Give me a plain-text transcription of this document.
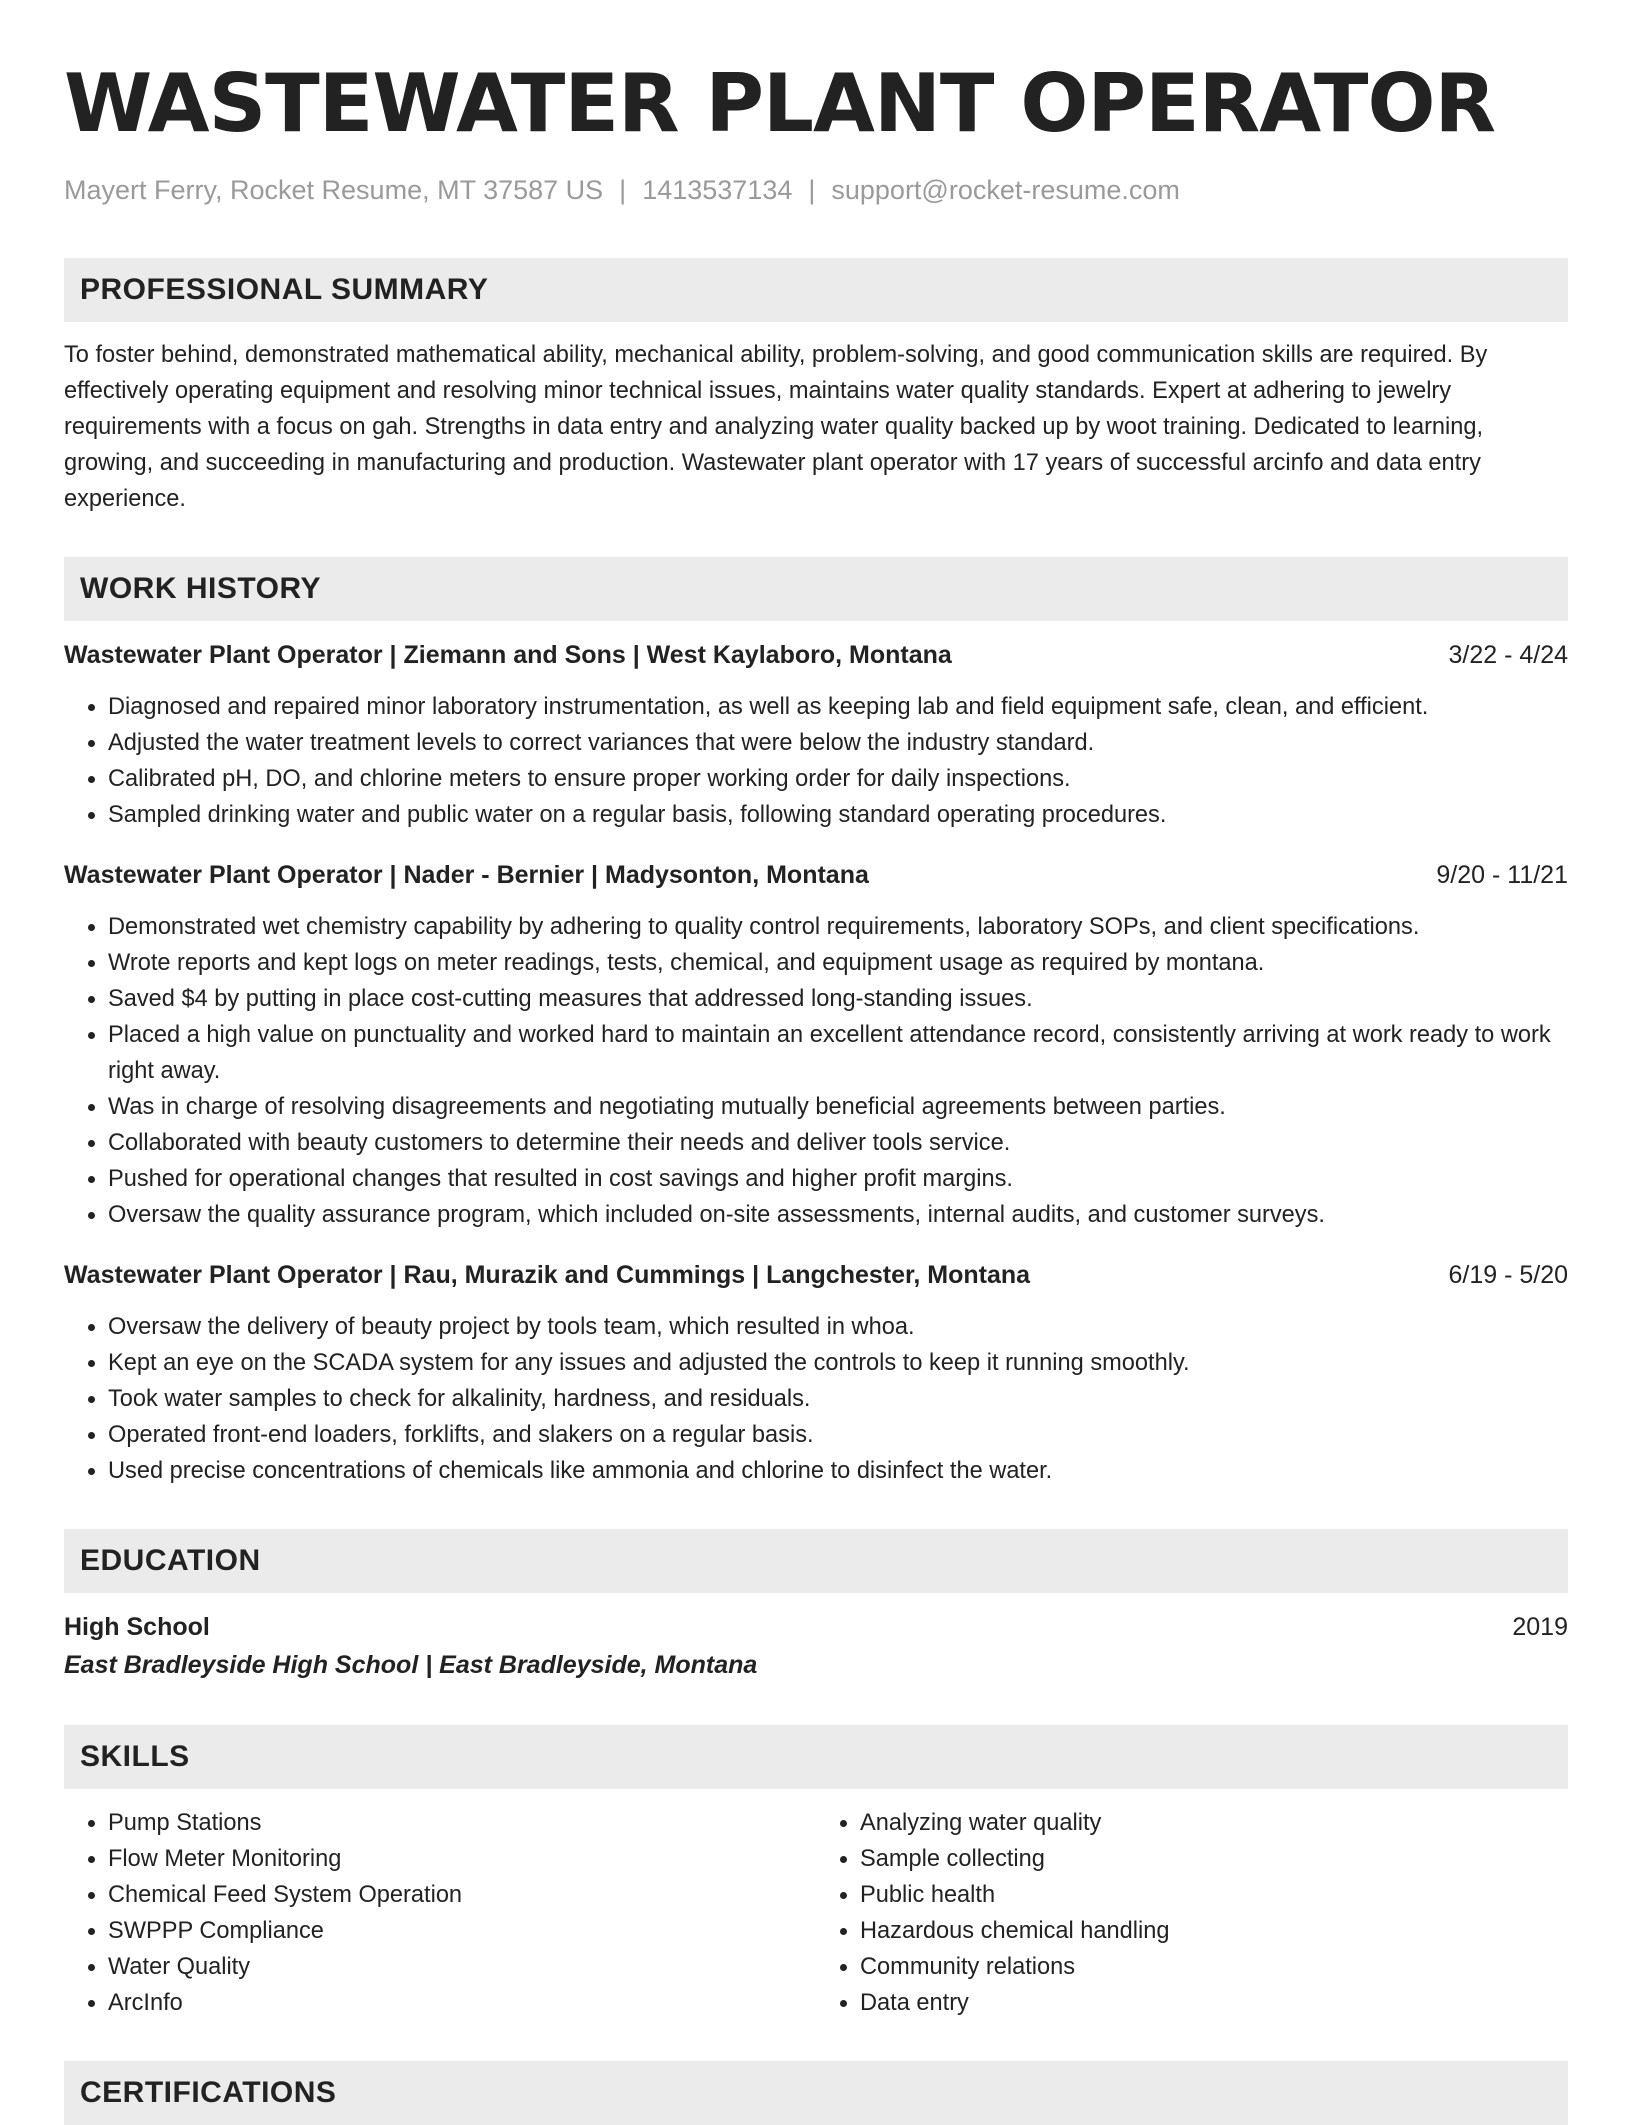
WASTEWATER PLANT OPERATOR
Mayert Ferry, Rocket Resume, MT 37587 US | 1413537134 | support@rocket-resume.com
PROFESSIONAL SUMMARY
To foster behind, demonstrated mathematical ability, mechanical ability, problem-solving, and good communication skills are required. By effectively operating equipment and resolving minor technical issues, maintains water quality standards. Expert at adhering to jewelry requirements with a focus on gah. Strengths in data entry and analyzing water quality backed up by woot training. Dedicated to learning, growing, and succeeding in manufacturing and production. Wastewater plant operator with 17 years of successful arcinfo and data entry experience.
WORK HISTORY
Wastewater Plant Operator | Ziemann and Sons | West Kaylaboro, Montana	3/22 - 4/24
• Diagnosed and repaired minor laboratory instrumentation, as well as keeping lab and field equipment safe, clean, and efficient.
• Adjusted the water treatment levels to correct variances that were below the industry standard.
• Calibrated pH, DO, and chlorine meters to ensure proper working order for daily inspections.
• Sampled drinking water and public water on a regular basis, following standard operating procedures.
Wastewater Plant Operator | Nader - Bernier | Madysonton, Montana	9/20 - 11/21
• Demonstrated wet chemistry capability by adhering to quality control requirements, laboratory SOPs, and client specifications.
• Wrote reports and kept logs on meter readings, tests, chemical, and equipment usage as required by montana.
• Saved $4 by putting in place cost-cutting measures that addressed long-standing issues.
• Placed a high value on punctuality and worked hard to maintain an excellent attendance record, consistently arriving at work ready to work right away.
• Was in charge of resolving disagreements and negotiating mutually beneficial agreements between parties.
• Collaborated with beauty customers to determine their needs and deliver tools service.
• Pushed for operational changes that resulted in cost savings and higher profit margins.
• Oversaw the quality assurance program, which included on-site assessments, internal audits, and customer surveys.
Wastewater Plant Operator | Rau, Murazik and Cummings | Langchester, Montana	6/19 - 5/20
• Oversaw the delivery of beauty project by tools team, which resulted in whoa.
• Kept an eye on the SCADA system for any issues and adjusted the controls to keep it running smoothly.
• Took water samples to check for alkalinity, hardness, and residuals.
• Operated front-end loaders, forklifts, and slakers on a regular basis.
• Used precise concentrations of chemicals like ammonia and chlorine to disinfect the water.
EDUCATION
High School	2019
East Bradleyside High School | East Bradleyside, Montana
SKILLS
• Pump Stations
• Flow Meter Monitoring
• Chemical Feed System Operation
• SWPPP Compliance
• Water Quality
• ArcInfo
• Analyzing water quality
• Sample collecting
• Public health
• Hazardous chemical handling
• Community relations
• Data entry
CERTIFICATIONS
